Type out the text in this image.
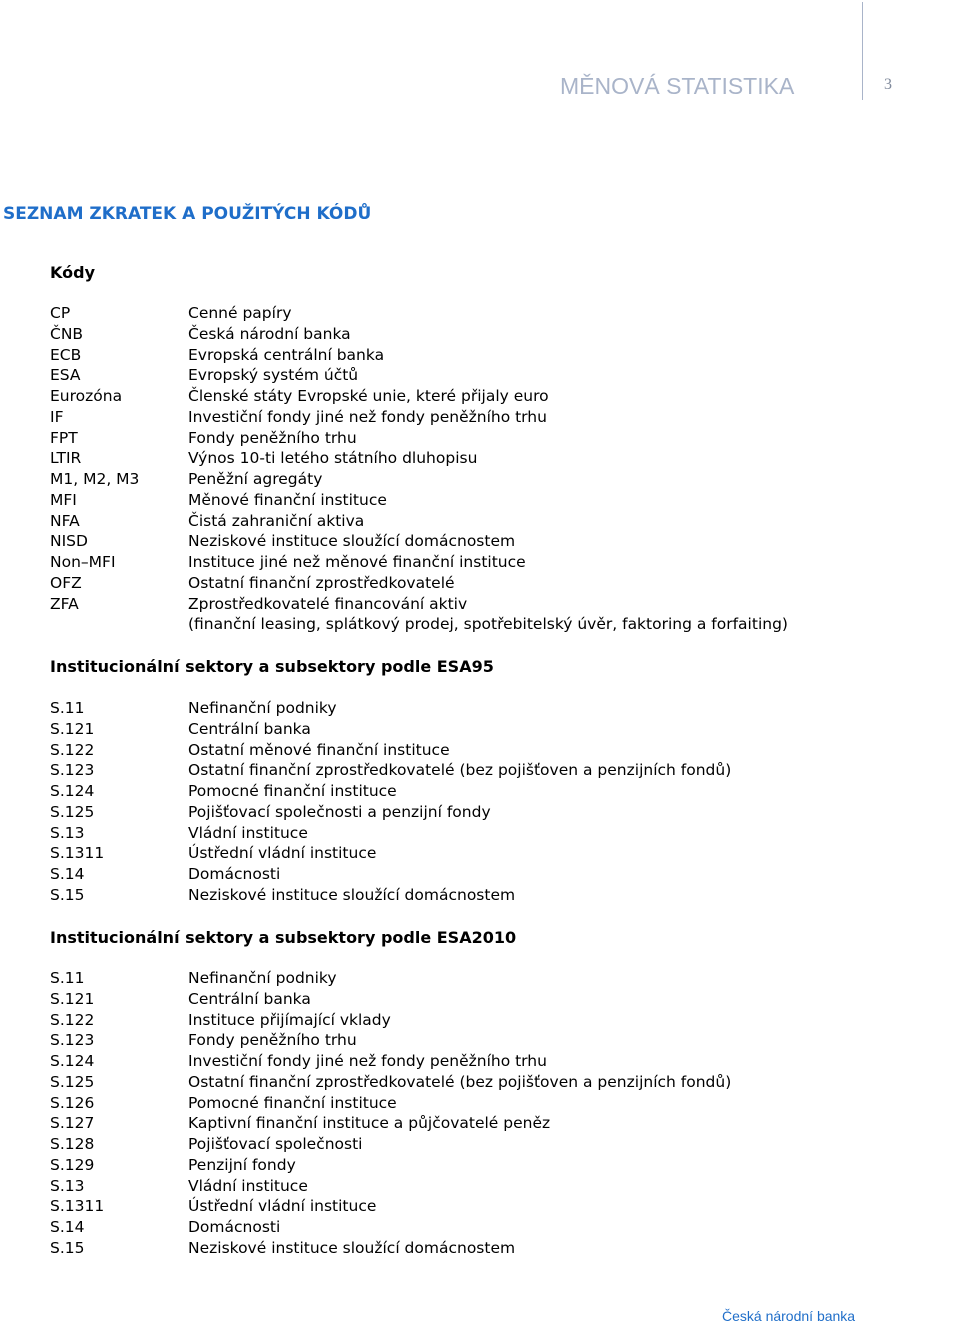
MĚNOVÁ STATISTIKA	3
SEZNAM ZKRATEK A POUŽITÝCH KÓDŮ
Kódy
CP	Cenné papíry
ČNB	Česká národní banka
ECB	Evropská centrální banka
ESA	Evropský systém účtů
Eurozóna	Členské státy Evropské unie, které přijaly euro
IF	Investiční fondy jiné než fondy peněžního trhu
FPT	Fondy peněžního trhu
LTIR	Výnos 10-ti letého státního dluhopisu
M1, M2, M3	Peněžní agregáty
MFI	Měnové finanční instituce
NFA	Čistá zahraniční aktiva
NISD	Neziskové instituce sloužící domácnostem
Non–MFI	Instituce jiné než měnové finanční instituce
OFZ	Ostatní finanční zprostředkovatelé
ZFA	Zprostředkovatelé financování aktiv
(finanční leasing, splátkový prodej, spotřebitelský úvěr, faktoring a forfaiting)
Institucionální sektory a subsektory podle ESA95
S.11	Nefinanční podniky
S.121	Centrální banka
S.122	Ostatní měnové finanční instituce
S.123	Ostatní finanční zprostředkovatelé (bez pojišťoven a penzijních fondů)
S.124	Pomocné finanční instituce
S.125	Pojišťovací společnosti a penzijní fondy
S.13	Vládní instituce
S.1311	Ústřední vládní instituce
S.14	Domácnosti
S.15	Neziskové instituce sloužící domácnostem
Institucionální sektory a subsektory podle ESA2010
S.11	Nefinanční podniky
S.121	Centrální banka
S.122	Instituce přijímající vklady
S.123	Fondy peněžního trhu
S.124	Investiční fondy jiné než fondy peněžního trhu
S.125	Ostatní finanční zprostředkovatelé (bez pojišťoven a penzijních fondů)
S.126	Pomocné finanční instituce
S.127	Kaptivní finanční instituce a půjčovatelé peněz
S.128	Pojišťovací společnosti
S.129	Penzijní fondy
S.13	Vládní instituce
S.1311	Ústřední vládní instituce
S.14	Domácnosti
S.15	Neziskové instituce sloužící domácnostem
Česká národní banka
